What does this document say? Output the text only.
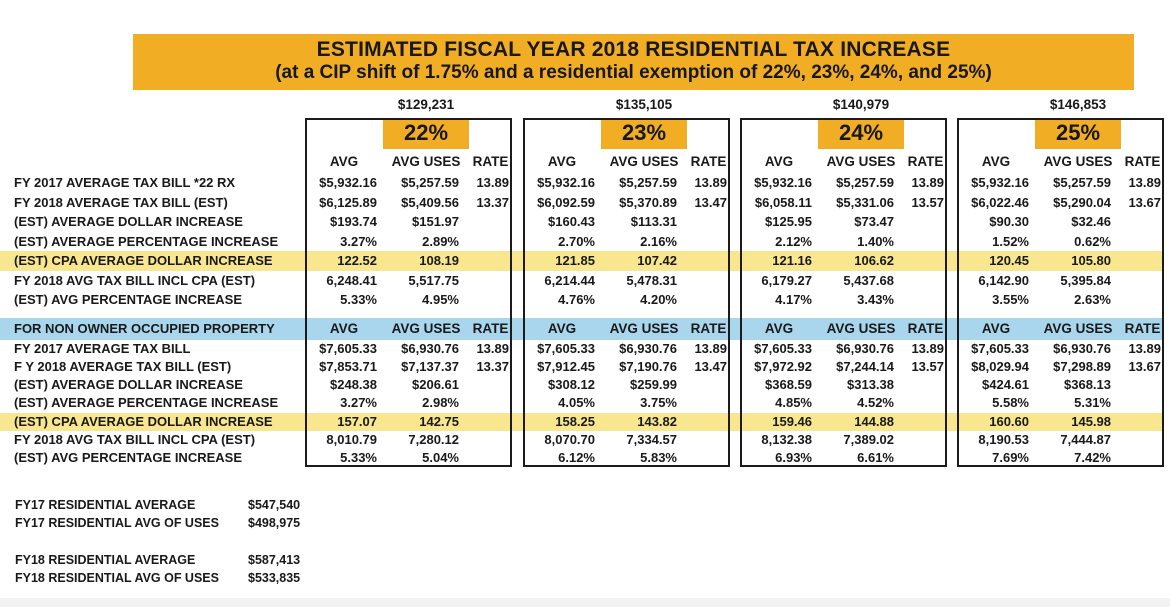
ESTIMATED FISCAL YEAR 2018 RESIDENTIAL TAX INCREASE
(at a CIP shift of 1.75% and a residential exemption of 22%, 23%, 24%, and 25%)
$129,231	$135,105	$140,979	$146,853
22%	23%	24%	25%
AVG	AVG USES RATE	AVG	AVG USES RATE	AVG	AVG USES RATE	AVG	AVG USES RATE
FY 2017 AVERAGE TAX BILL *22 RX	$5,932.16	$5,257.59	13.89	$5,932.16	$5,257.59	13.89	$5,932.16	$5,257.59	13.89	$5,932.16	$5,257.59	13.89
FY 2018 AVERAGE TAX BILL (EST)	$6,125.89	$5,409.56	13.37	$6,092.59	$5,370.89	13.47	$6,058.11	$5,331.06	13.57	$6,022.46	$5,290.04	13.67
(EST) AVERAGE DOLLAR INCREASE	$193.74	$151.97	$160.43	$113.31	$125.95	$73.47	$90.30	$32.46
(EST) AVERAGE PERCENTAGE INCREASE	3.27%	2.89%	2.70%	2.16%	2.12%	1.40%	1.52%	0.62%
(EST) CPA AVERAGE DOLLAR INCREASE	122.52	108.19	121.85	107.42	121.16	106.62	120.45	105.80
FY 2018 AVG TAX BILL INCL CPA (EST)	6,248.41	5,517.75	6,214.44	5,478.31	6,179.27	5,437.68	6,142.90	5,395.84
(EST) AVG PERCENTAGE INCREASE	5.33%	4.95%	4.76%	4.20%	4.17%	3.43%	3.55%	2.63%
FOR NON OWNER OCCUPIED PROPERTY	AVG	AVG USES RATE	AVG	AVG USES RATE	AVG	AVG USES RATE	AVG	AVG USES RATE
FY 2017 AVERAGE TAX BILL	$7,605.33	$6,930.76	13.89	$7,605.33	$6,930.76	13.89	$7,605.33	$6,930.76	13.89	$7,605.33	$6,930.76	13.89
F Y 2018 AVERAGE TAX BILL (EST)	$7,853.71	$7,137.37	13.37	$7,912.45	$7,190.76	13.47	$7,972.92	$7,244.14	13.57	$8,029.94	$7,298.89	13.67
(EST) AVERAGE DOLLAR INCREASE	$248.38	$206.61	$308.12	$259.99	$368.59	$313.38	$424.61	$368.13
(EST) AVERAGE PERCENTAGE INCREASE	3.27%	2.98%	4.05%	3.75%	4.85%	4.52%	5.58%	5.31%
(EST) CPA AVERAGE DOLLAR INCREASE	157.07	142.75	158.25	143.82	159.46	144.88	160.60	145.98
FY 2018 AVG TAX BILL INCL CPA (EST)	8,010.79	7,280.12	8,070.70	7,334.57	8,132.38	7,389.02	8,190.53	7,444.87
(EST) AVG PERCENTAGE INCREASE	5.33%	5.04%	6.12%	5.83%	6.93%	6.61%	7.69%	7.42%
FY17 RESIDENTIAL AVERAGE	$547,540
FY17 RESIDENTIAL AVG OF USES	$498,975
FY18 RESIDENTIAL AVERAGE	$587,413
FY18 RESIDENTIAL AVG OF USES	$533,835
